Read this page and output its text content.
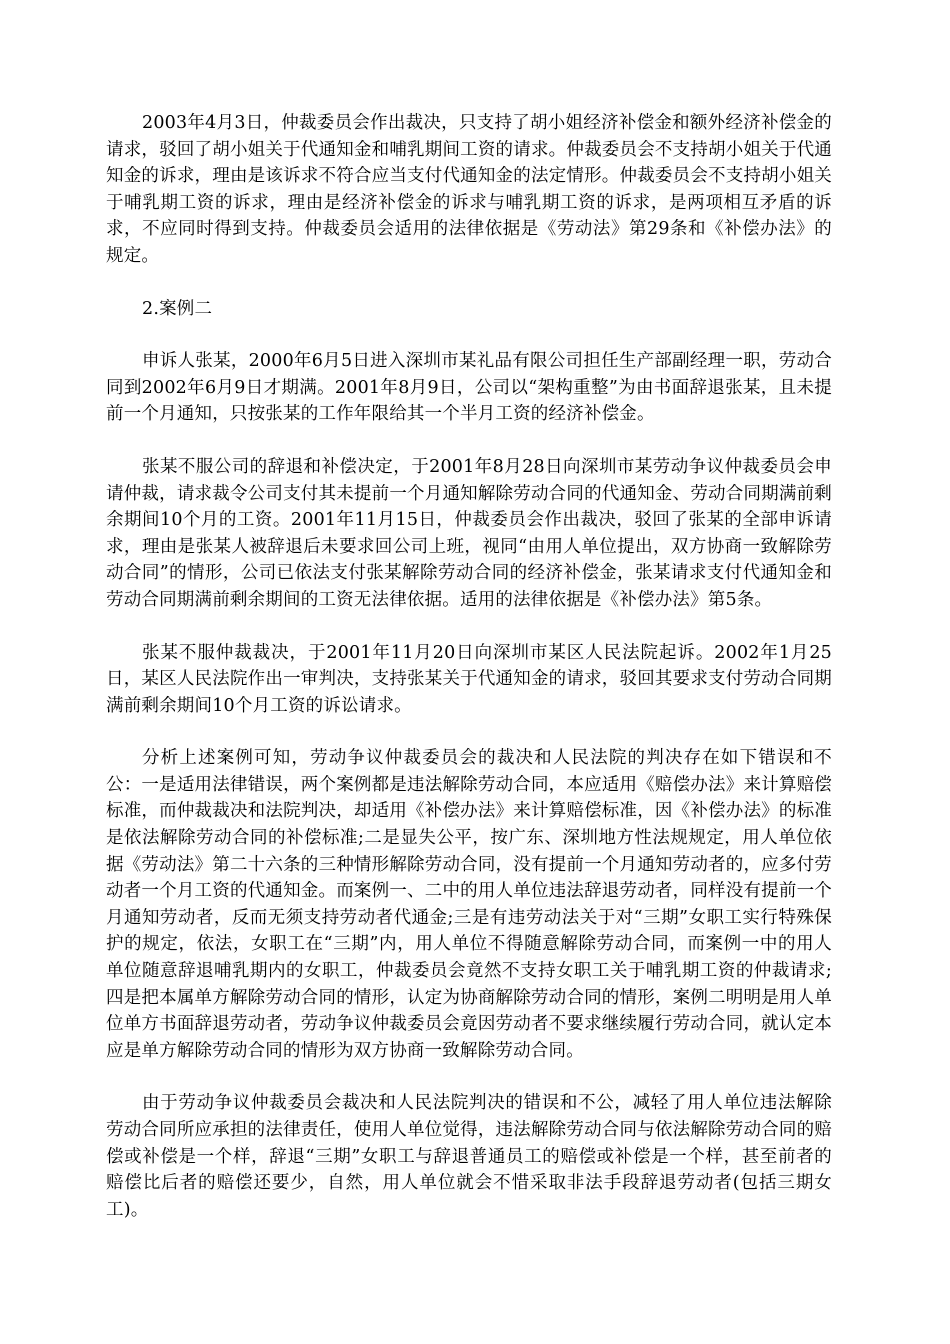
2003年4月3日，仲裁委员会作出裁决，只支持了胡小姐经济补偿金和额外经济补偿金的请求，驳回了胡小姐关于代通知金和哺乳期间工资的请求。仲裁委员会不支持胡小姐关于代通知金的诉求，理由是该诉求不符合应当支付代通知金的法定情形。仲裁委员会不支持胡小姐关于哺乳期工资的诉求，理由是经济补偿金的诉求与哺乳期工资的诉求，是两项相互矛盾的诉求，不应同时得到支持。仲裁委员会适用的法律依据是《劳动法》第29条和《补偿办法》的规定。

2.案例二

申诉人张某，2000年6月5日进入深圳市某礼品有限公司担任生产部副经理一职，劳动合同到2002年6月9日才期满。2001年8月9日，公司以“架构重整”为由书面辞退张某，且未提前一个月通知，只按张某的工作年限给其一个半月工资的经济补偿金。

张某不服公司的辞退和补偿决定，于2001年8月28日向深圳市某劳动争议仲裁委员会申请仲裁，请求裁令公司支付其未提前一个月通知解除劳动合同的代通知金、劳动合同期满前剩余期间10个月的工资。2001年11月15日，仲裁委员会作出裁决，驳回了张某的全部申诉请求，理由是张某人被辞退后未要求回公司上班，视同“由用人单位提出，双方协商一致解除劳动合同”的情形，公司已依法支付张某解除劳动合同的经济补偿金，张某请求支付代通知金和劳动合同期满前剩余期间的工资无法律依据。适用的法律依据是《补偿办法》第5条。

张某不服仲裁裁决，于2001年11月20日向深圳市某区人民法院起诉。2002年1月25日，某区人民法院作出一审判决，支持张某关于代通知金的请求，驳回其要求支付劳动合同期满前剩余期间10个月工资的诉讼请求。

分析上述案例可知，劳动争议仲裁委员会的裁决和人民法院的判决存在如下错误和不公：一是适用法律错误，两个案例都是违法解除劳动合同，本应适用《赔偿办法》来计算赔偿标准，而仲裁裁决和法院判决，却适用《补偿办法》来计算赔偿标准，因《补偿办法》的标准是依法解除劳动合同的补偿标准;二是显失公平，按广东、深圳地方性法规规定，用人单位依据《劳动法》第二十六条的三种情形解除劳动合同，没有提前一个月通知劳动者的，应多付劳动者一个月工资的代通知金。而案例一、二中的用人单位违法辞退劳动者，同样没有提前一个月通知劳动者，反而无须支持劳动者代通金;三是有违劳动法关于对“三期”女职工实行特殊保护的规定，依法，女职工在“三期”内，用人单位不得随意解除劳动合同，而案例一中的用人单位随意辞退哺乳期内的女职工，仲裁委员会竟然不支持女职工关于哺乳期工资的仲裁请求;四是把本属单方解除劳动合同的情形，认定为协商解除劳动合同的情形，案例二明明是用人单位单方书面辞退劳动者，劳动争议仲裁委员会竟因劳动者不要求继续履行劳动合同，就认定本应是单方解除劳动合同的情形为双方协商一致解除劳动合同。

由于劳动争议仲裁委员会裁决和人民法院判决的错误和不公，减轻了用人单位违法解除劳动合同所应承担的法律责任，使用人单位觉得，违法解除劳动合同与依法解除劳动合同的赔偿或补偿是一个样，辞退“三期”女职工与辞退普通员工的赔偿或补偿是一个样，甚至前者的赔偿比后者的赔偿还要少，自然，用人单位就会不惜采取非法手段辞退劳动者(包括三期女工)。
